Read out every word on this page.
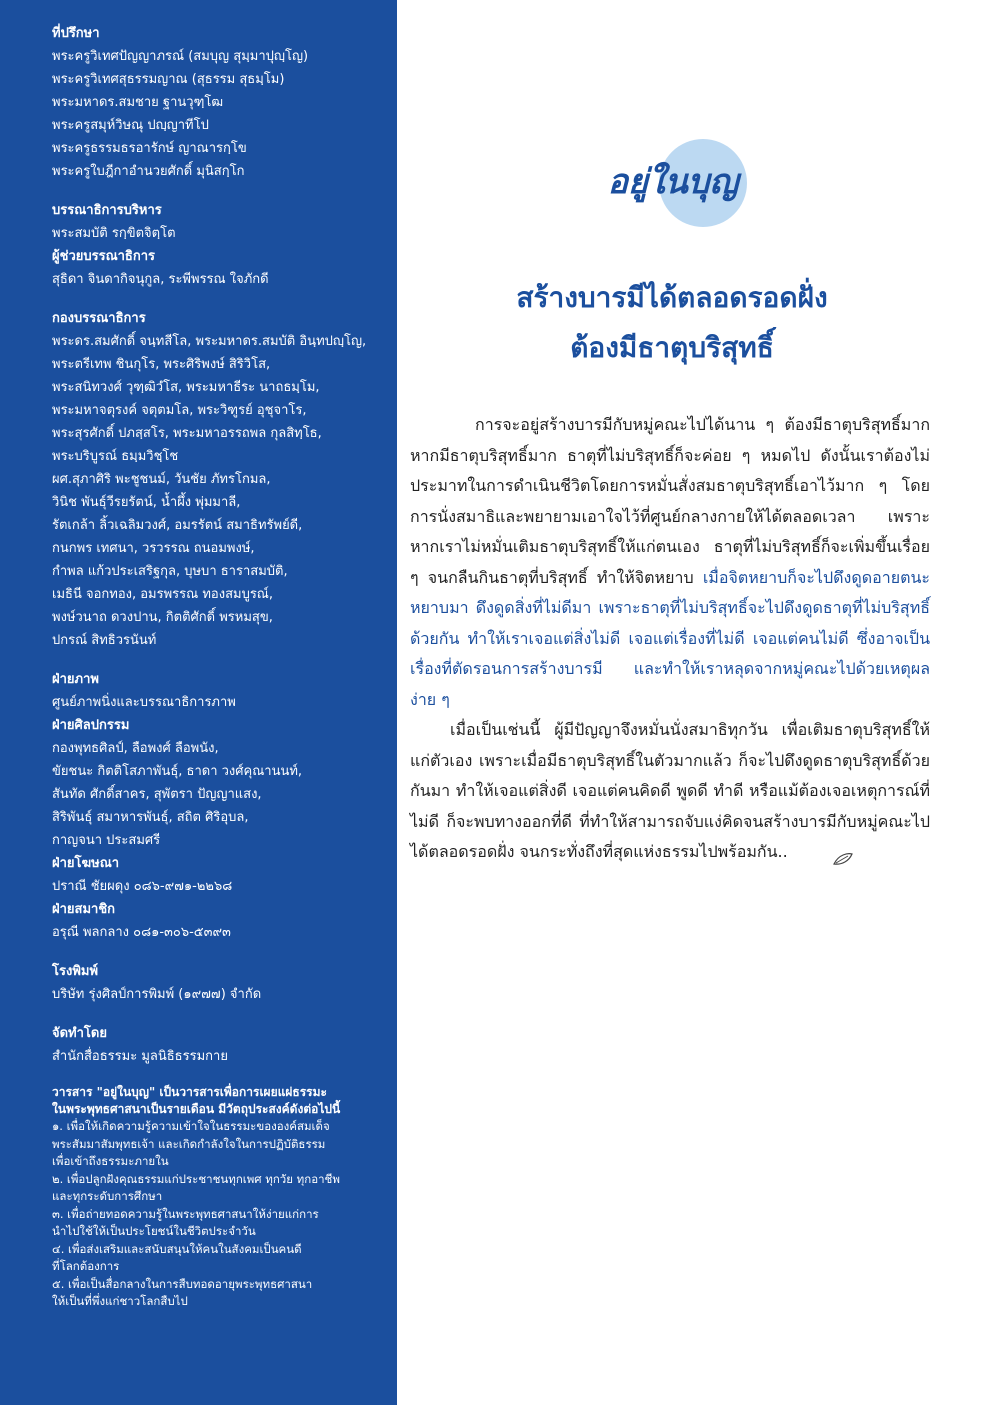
ที่ปรึกษา
พระครูวิเทศปัญญาภรณ์ (สมบุญ สุมฺมาปุญฺโญ)
พระครูวิเทศสุธรรมญาณ (สุธรรม สุธมฺโม)
พระมหาดร.สมชาย ฐานวุฑฺโฒ
พระครูสมุห์วิษณุ ปญฺญาทีโป
พระครูธรรมธรอารักษ์ ญาณารกฺโข
พระครูใบฎีกาอำนวยศักดิ์ มุนิสกฺโก
บรรณาธิการบริหาร
พระสมบัติ รกฺขิตจิตฺโต
ผู้ช่วยบรรณาธิการ
สุธิดา จินดากิจนุกูล, ระพีพรรณ ใจภักดี
กองบรรณาธิการ
พระดร.สมศักดิ์ จนฺทสีโล, พระมหาดร.สมบัติ อินฺทปญฺโญ,
พระตรีเทพ ชินกุโร, พระศิริพงษ์ สิริวิโส,
พระสนิทวงศ์ วุฑฺฒิวํโส, พระมหาธีระ นาถธมฺโม,
พระมหาจตุรงค์ จตุตมโล, พระวิฑูรย์ อุชุจาโร,
พระสุรศักดิ์ ปภสฺสโร, พระมหาอรรถพล กุลสิทฺโธ,
พระบริบูรณ์ ธมฺมวิชฺโช
ผศ.สุภาศิริ พะชูชนม์, วันชัย ภัทรโกมล,
วินิช พันธุ์วีรยรัตน์, น้ำผึ้ง พุ่มมาลี,
รัตเกล้า ลิ้วเฉลิมวงศ์, อมรรัตน์ สมาธิทรัพย์ดี,
กนกพร เทศนา, วรวรรณ ถนอมพงษ์,
กำพล แก้วประเสริฐกุล, บุษบา ธาราสมบัติ,
เมธินี จอกทอง, อมรพรรณ ทองสมบูรณ์,
พงษ์วนาถ ดวงปาน, กิตติศักดิ์ พรหมสุข,
ปกรณ์ สิทธิวรนันท์
ฝ่ายภาพ
ศูนย์ภาพนิ่งและบรรณาธิการภาพ
ฝ่ายศิลปกรรม
กองพุทธศิลป์, ลือพงศ์ ลือพนัง,
ขัยชนะ กิตติโสภาพันธุ์, ธาดา วงศ์คุณานนท์,
สันทัด ศักดิ์สาคร, สุพัตรา ปัญญาแสง,
สิริพันธุ์ สมาหารพันธุ์, สถิต ศิริอุบล,
กาญจนา ประสมศรี
ฝ่ายโฆษณา
ปราณี ชัยผดุง ๐๘๖-๙๗๑-๒๒๖๘
ฝ่ายสมาชิก
อรุณี พลกลาง ๐๘๑-๓๐๖-๕๓๙๓
โรงพิมพ์
บริษัท รุ่งศิลป์การพิมพ์ (๑๙๗๗) จำกัด
จัดทำโดย
สำนักสื่อธรรมะ มูลนิธิธรรมกาย
วารสาร "อยู่ในบุญ" เป็นวารสารเพื่อการเผยแผ่ธรรมะ
ในพระพุทธศาสนาเป็นรายเดือน มีวัตถุประสงค์ดังต่อไปนี้
๑. เพื่อให้เกิดความรู้ความเข้าใจในธรรมะขององค์สมเด็จ
พระสัมมาสัมพุทธเจ้า และเกิดกำลังใจในการปฏิบัติธรรม
เพื่อเข้าถึงธรรมะภายใน
๒. เพื่อปลูกฝังคุณธรรมแก่ประชาชนทุกเพศ ทุกวัย ทุกอาชีพ
และทุกระดับการศึกษา
๓. เพื่อถ่ายทอดความรู้ในพระพุทธศาสนาให้ง่ายแก่การ
นำไปใช้ให้เป็นประโยชน์ในชีวิตประจำวัน
๔. เพื่อส่งเสริมและสนับสนุนให้คนในสังคมเป็นคนดี
ที่โลกต้องการ
๕. เพื่อเป็นสื่อกลางในการสืบทอดอายุพระพุทธศาสนา
ให้เป็นที่พึ่งแก่ชาวโลกสืบไป
อยู่ในบุญ
สร้างบารมีได้ตลอดรอดฝั่ง
ต้องมีธาตุบริสุทธิ์
การจะอยู่สร้างบารมีกับหมู่คณะไปได้นาน ๆ ต้องมีธาตุบริสุทธิ์มาก หากมีธาตุบริสุทธิ์มาก ธาตุที่ไม่บริสุทธิ์ก็จะค่อย ๆ หมดไป ดังนั้นเราต้องไม่ประมาทในการดำเนินชีวิตโดยการหมั่นสั่งสมธาตุบริสุทธิ์เอาไว้มาก ๆ โดยการนั่งสมาธิและพยายามเอาใจไว้ที่ศูนย์กลางกายให้ได้ตลอดเวลา เพราะหากเราไม่หมั่นเติมธาตุบริสุทธิ์ให้แก่ตนเอง ธาตุที่ไม่บริสุทธิ์ก็จะเพิ่มขึ้นเรื่อย ๆ จนกลืนกินธาตุที่บริสุทธิ์ ทำให้จิตหยาบ เมื่อจิตหยาบก็จะไปดึงดูดอายตนะหยาบมา ดึงดูดสิ่งที่ไม่ดีมา เพราะธาตุที่ไม่บริสุทธิ์จะไปดึงดูดธาตุที่ไม่บริสุทธิ์ด้วยกัน ทำให้เราเจอแต่สิ่งไม่ดี เจอแต่เรื่องที่ไม่ดี เจอแต่คนไม่ดี ซึ่งอาจเป็นเรื่องที่ตัดรอนการสร้างบารมี และทำให้เราหลุดจากหมู่คณะไปด้วยเหตุผลง่าย ๆ
เมื่อเป็นเช่นนี้ ผู้มีปัญญาจึงหมั่นนั่งสมาธิทุกวัน เพื่อเติมธาตุบริสุทธิ์ให้แก่ตัวเอง เพราะเมื่อมีธาตุบริสุทธิ์ในตัวมากแล้ว ก็จะไปดึงดูดธาตุบริสุทธิ์ด้วยกันมา ทำให้เจอแต่สิ่งดี เจอแต่คนคิดดี พูดดี ทำดี หรือแม้ต้องเจอเหตุการณ์ที่ไม่ดี ก็จะพบทางออกที่ดี ที่ทำให้สามารถจับแง่คิดจนสร้างบารมีกับหมู่คณะไปได้ตลอดรอดฝั่ง จนกระทั่งถึงที่สุดแห่งธรรมไปพร้อมกัน..
